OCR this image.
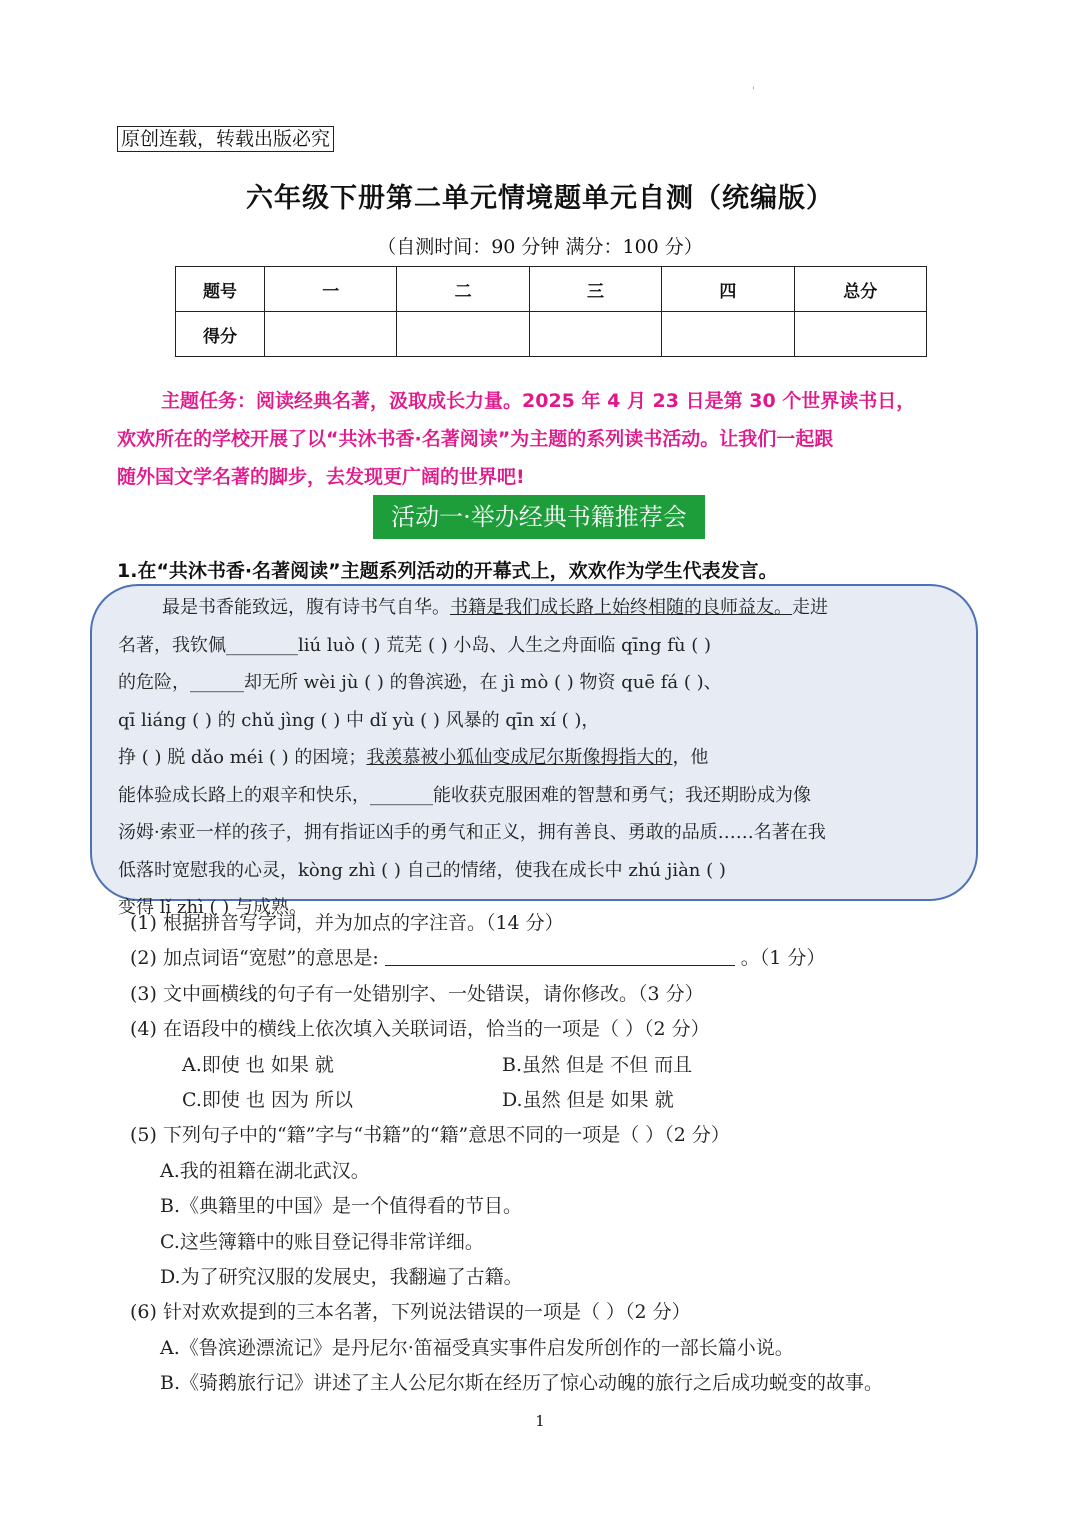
'
原创连载，转载出版必究
六年级下册第二单元情境题单元自测（统编版）
（自测时间：90 分钟 满分：100 分）
题号	一	二	三	四	总分
得分					
主题任务：阅读经典名著，汲取成长力量。2025 年 4 月 23 日是第 30 个世界读书日，
欢欢所在的学校开展了以“共沐书香·名著阅读”为主题的系列读书活动。让我们一起跟
随外国文学名著的脚步，去发现更广阔的世界吧!
活动一·举办经典书籍推荐会
1.在“共沐书香·名著阅读”主题系列活动的开幕式上，欢欢作为学生代表发言。
最是书香能致远，腹有诗书气自华。书籍是我们成长路上始终相随的良师益友。走进
名著，我钦佩________liú luò ( ) 荒芜 ( ) 小岛、人生之舟面临 qīng fù ( )
的危险，______却无所 wèi jù ( ) 的鲁滨逊，在 jì mò ( ) 物资 quē fá ( )、
qī liáng ( ) 的 chǔ jìng ( ) 中 dǐ yù ( ) 风暴的 qīn xí ( )，
挣 ( ) 脱 dǎo méi ( ) 的困境；我羡慕被小狐仙变成尼尔斯像拇指大的，他
能体验成长路上的艰辛和快乐，_______能收获克服困难的智慧和勇气；我还期盼成为像
汤姆·索亚一样的孩子，拥有指证凶手的勇气和正义，拥有善良、勇敢的品质……名著在我
低落时宽慰我的心灵，kòng zhì ( ) 自己的情绪，使我在成长中 zhú jiàn ( )
变得 lǐ zhì ( ) 与成熟。
(1) 根据拼音写字词，并为加点的字注音。（14 分）
(2) 加点词语“宽慰”的意思是:	。（1 分）
(3) 文中画横线的句子有一处错别字、一处错误，请你修改。（3 分）
(4) 在语段中的横线上依次填入关联词语，恰当的一项是（ ）（2 分）
A.即使 也 如果 就	B.虽然 但是 不但 而且
C.即使 也 因为 所以	D.虽然 但是 如果 就
(5) 下列句子中的“籍”字与“书籍”的“籍”意思不同的一项是（ ）（2 分）
A.我的祖籍在湖北武汉。
B.《典籍里的中国》是一个值得看的节目。
C.这些簿籍中的账目登记得非常详细。
D.为了研究汉服的发展史，我翻遍了古籍。
(6) 针对欢欢提到的三本名著，下列说法错误的一项是（ ）（2 分）
A.《鲁滨逊漂流记》是丹尼尔·笛福受真实事件启发所创作的一部长篇小说。
B.《骑鹅旅行记》讲述了主人公尼尔斯在经历了惊心动魄的旅行之后成功蜕变的故事。
1
